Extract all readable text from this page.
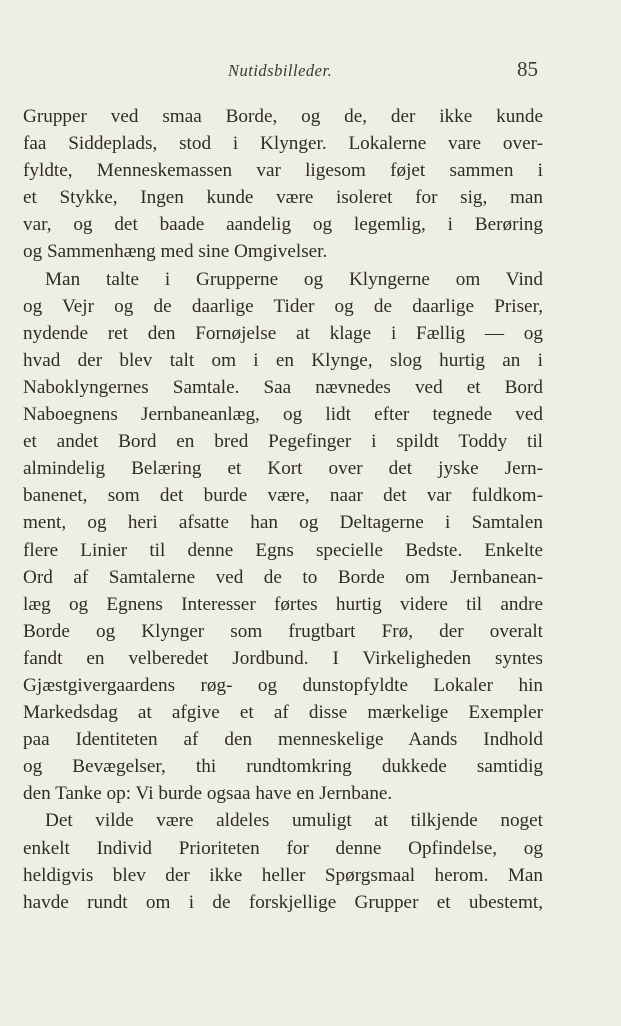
Nutidsbilleder.	85
Grupper ved smaa Borde, og de, der ikke kunde
faa Siddeplads, stod i Klynger. Lokalerne vare over-
fyldte, Menneskemassen var ligesom føjet sammen i
et Stykke, Ingen kunde være isoleret for sig, man
var, og det baade aandelig og legemlig, i Berøring
og Sammenhæng med sine Omgivelser.
Man talte i Grupperne og Klyngerne om Vind
og Vejr og de daarlige Tider og de daarlige Priser,
nydende ret den Fornøjelse at klage i Fællig — og
hvad der blev talt om i en Klynge, slog hurtig an i
Naboklyngernes Samtale. Saa nævnedes ved et Bord
Naboegnens Jernbaneanlæg, og lidt efter tegnede ved
et andet Bord en bred Pegefinger i spildt Toddy til
almindelig Belæring et Kort over det jyske Jern-
banenet, som det burde være, naar det var fuldkom-
ment, og heri afsatte han og Deltagerne i Samtalen
flere Linier til denne Egns specielle Bedste. Enkelte
Ord af Samtalerne ved de to Borde om Jernbanean-
læg og Egnens Interesser førtes hurtig videre til andre
Borde og Klynger som frugtbart Frø, der overalt
fandt en velberedet Jordbund. I Virkeligheden syntes
Gjæstgivergaardens røg- og dunstopfyldte Lokaler hin
Markedsdag at afgive et af disse mærkelige Exempler
paa Identiteten af den menneskelige Aands Indhold
og Bevægelser, thi rundtomkring dukkede samtidig
den Tanke op: Vi burde ogsaa have en Jernbane.
Det vilde være aldeles umuligt at tilkjende noget
enkelt Individ Prioriteten for denne Opfindelse, og
heldigvis blev der ikke heller Spørgsmaal herom. Man
havde rundt om i de forskjellige Grupper et ubestemt,
